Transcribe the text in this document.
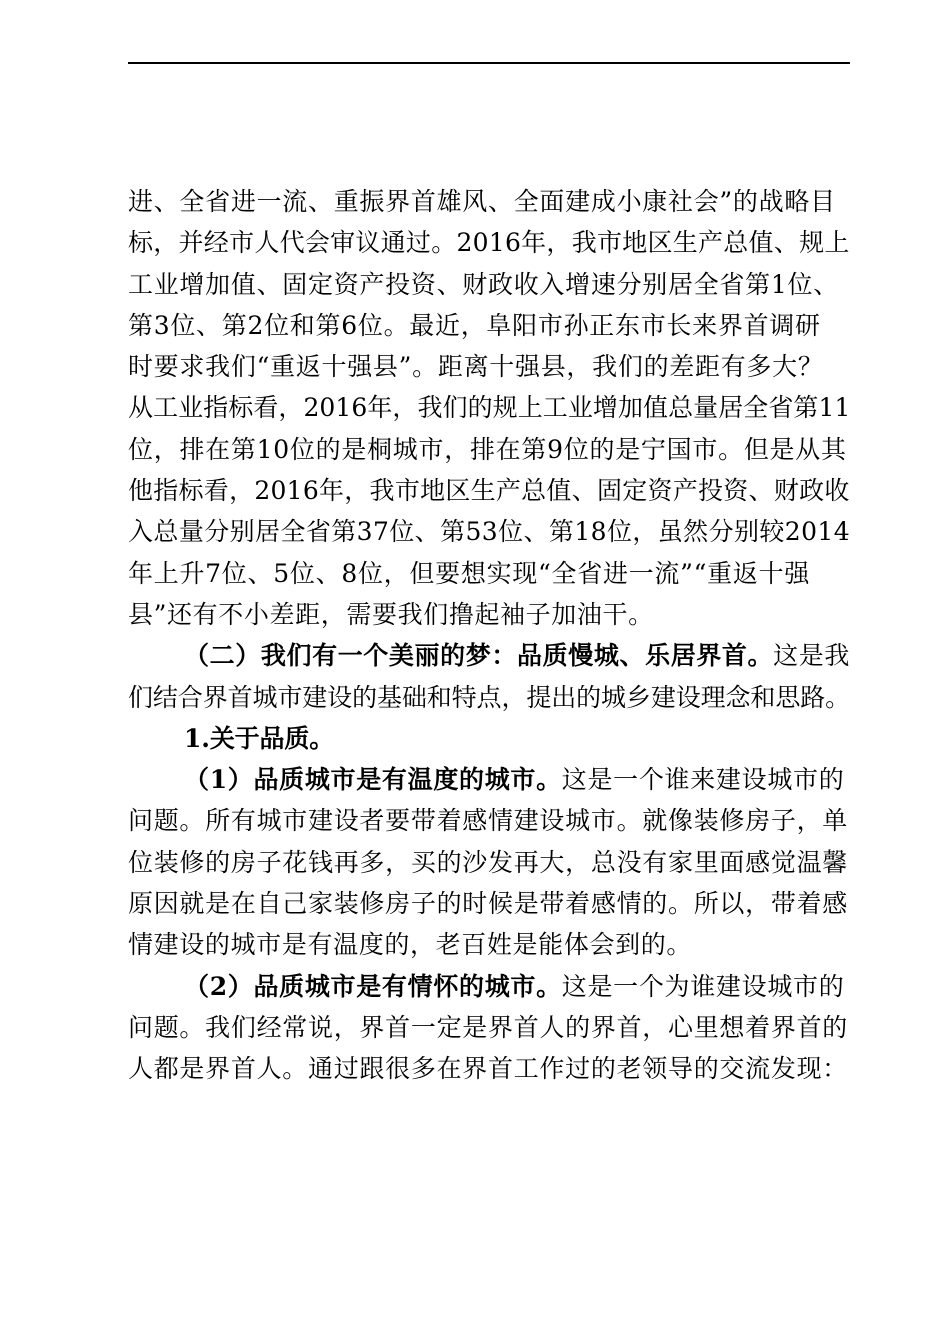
进、全省进一流、重振界首雄风、全面建成小康社会”的战略目
标，并经市人代会审议通过。2016年，我市地区生产总值、规上
工业增加值、固定资产投资、财政收入增速分别居全省第1位、
第3位、第2位和第6位。最近，阜阳市孙正东市长来界首调研
时要求我们“重返十强县”。距离十强县，我们的差距有多大？
从工业指标看，2016年，我们的规上工业增加值总量居全省第11
位，排在第10位的是桐城市，排在第9位的是宁国市。但是从其
他指标看，2016年，我市地区生产总值、固定资产投资、财政收
入总量分别居全省第37位、第53位、第18位，虽然分别较2014
年上升7位、5位、8位，但要想实现“全省进一流”“重返十强
县”还有不小差距，需要我们撸起袖子加油干。
（二）我们有一个美丽的梦：品质慢城、乐居界首。这是我
们结合界首城市建设的基础和特点，提出的城乡建设理念和思路。
1.关于品质。
（1）品质城市是有温度的城市。这是一个谁来建设城市的
问题。所有城市建设者要带着感情建设城市。就像装修房子，单
位装修的房子花钱再多，买的沙发再大，总没有家里面感觉温馨
原因就是在自己家装修房子的时候是带着感情的。所以，带着感
情建设的城市是有温度的，老百姓是能体会到的。
（2）品质城市是有情怀的城市。这是一个为谁建设城市的
问题。我们经常说，界首一定是界首人的界首，心里想着界首的
人都是界首人。通过跟很多在界首工作过的老领导的交流发现：
